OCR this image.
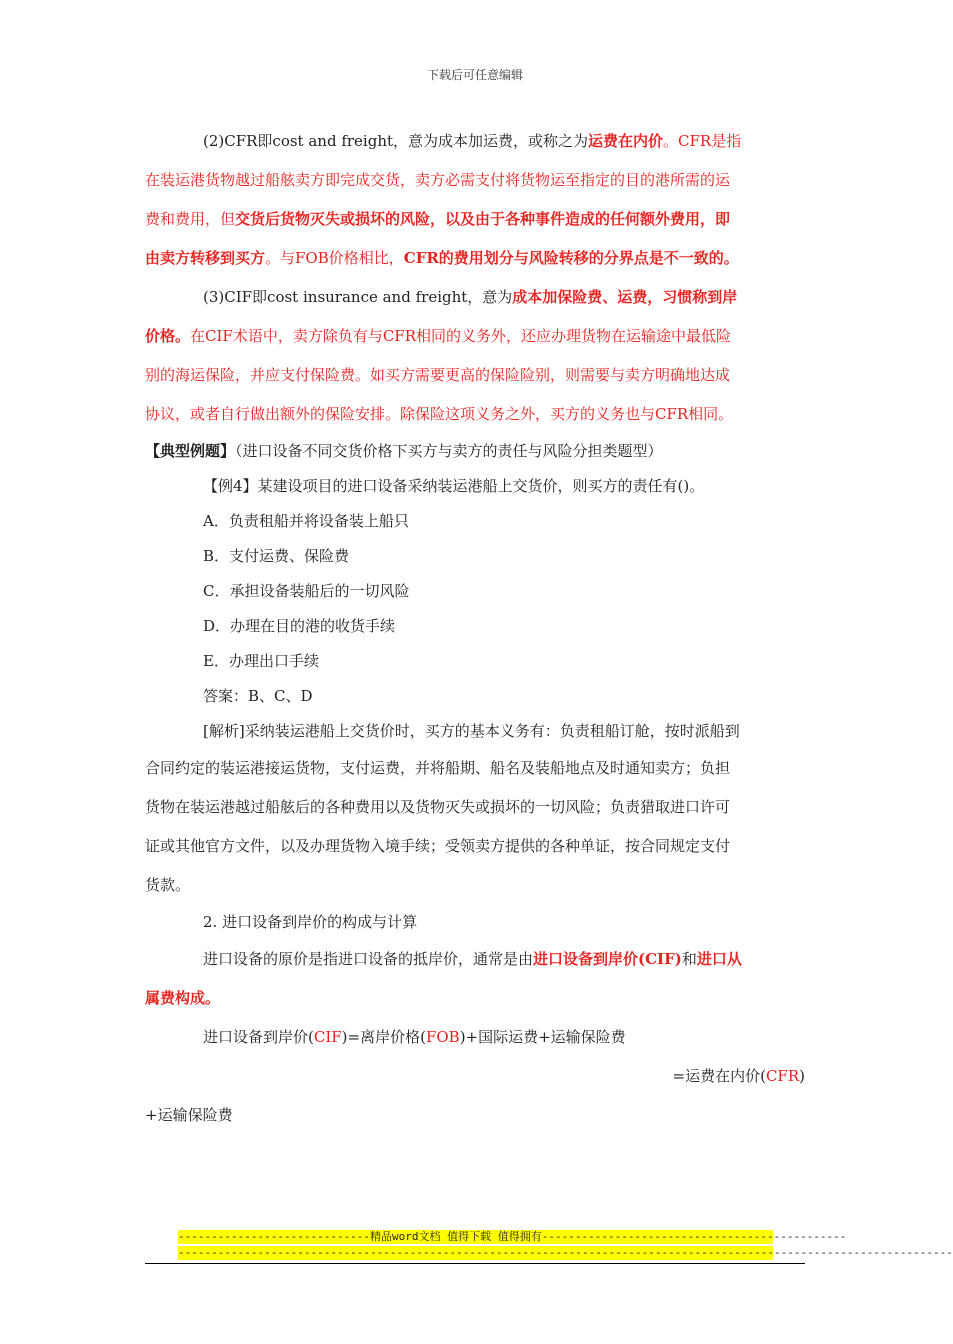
下载后可任意编辑

(2)CFR即cost and freight，意为成本加运费，或称之为运费在内价。CFR是指

在装运港货物越过船舷卖方即完成交货，卖方必需支付将货物运至指定的目的港所需的运

费和费用，但交货后货物灭失或损坏的风险，以及由于各种事件造成的任何额外费用，即

由卖方转移到买方。与FOB价格相比，CFR的费用划分与风险转移的分界点是不一致的。

(3)CIF即cost insurance and freight，意为成本加保险费、运费，习惯称到岸

价格。在CIF术语中，卖方除负有与CFR相同的义务外，还应办理货物在运输途中最低险

别的海运保险，并应支付保险费。如买方需要更高的保险险别，则需要与卖方明确地达成

协议，或者自行做出额外的保险安排。除保险这项义务之外，买方的义务也与CFR相同。

【典型例题】（进口设备不同交货价格下买方与卖方的责任与风险分担类题型）

【例4】某建设项目的进口设备采纳装运港船上交货价，则买方的责任有()。

A．负责租船并将设备装上船只

B．支付运费、保险费

C．承担设备装船后的一切风险

D．办理在目的港的收货手续

E．办理出口手续

答案：B、C、D

[解析]采纳装运港船上交货价时，买方的基本义务有：负责租船订舱，按时派船到

合同约定的装运港接运货物，支付运费，并将船期、船名及装船地点及时通知卖方；负担

货物在装运港越过船舷后的各种费用以及货物灭失或损坏的一切风险；负责猎取进口许可

证或其他官方文件，以及办理货物入境手续；受领卖方提供的各种单证，按合同规定支付

货款。

2. 进口设备到岸价的构成与计算

进口设备的原价是指进口设备的抵岸价，通常是由进口设备到岸价(CIF)和进口从

属费构成。

进口设备到岸价(CIF)=离岸价格(FOB)+国际运费+运输保险费

=运费在内价(CFR)

+运输保险费

-----------------------------精品word文档 值得下载 值得拥有----------------------------------------------
---------------------------------------------------------------------------------------------------------------------
